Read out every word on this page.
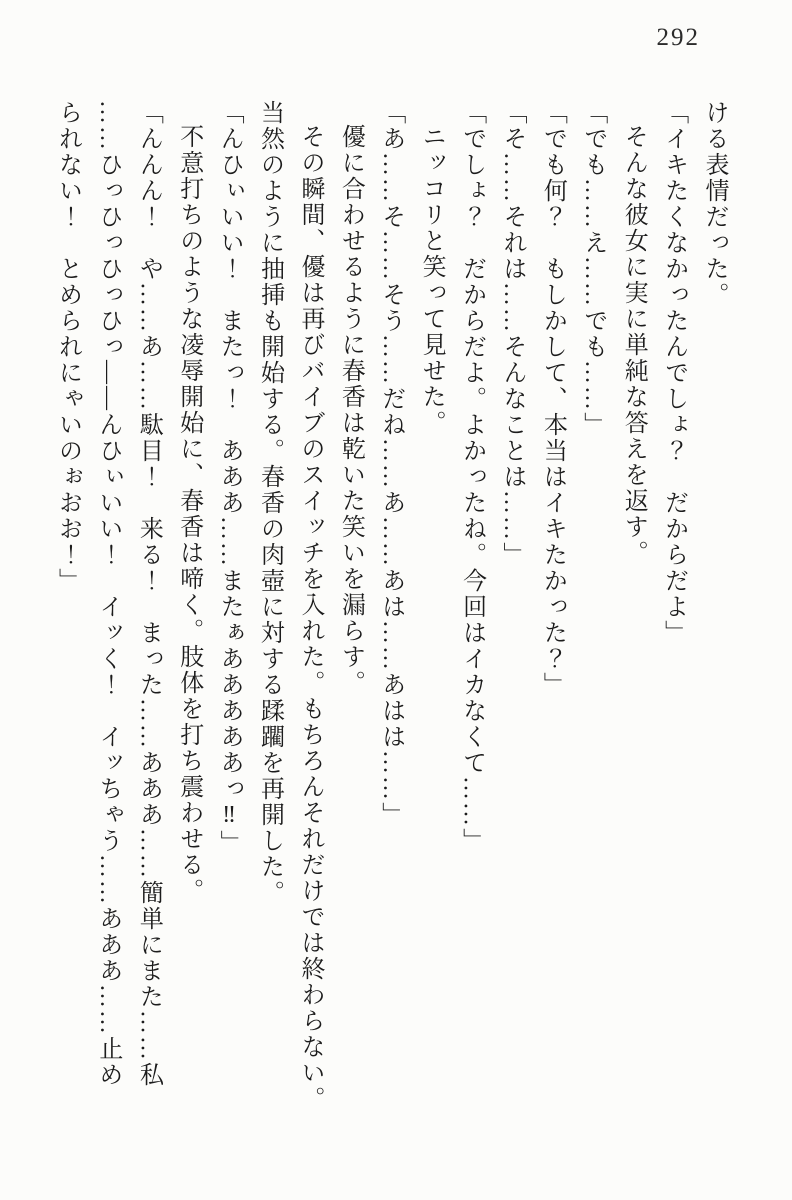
292

ける表情だった。

「イキたくなかったんでしょ？　だからだよ」

そんな彼女に実に単純な答えを返す。

「でも……え……でも……」

「でも何？　もしかして、本当はイキたかった？」

「そ……それは……そんなことは……」

「でしょ？　だからだよ。よかったね。今回はイカなくて……」

ニッコリと笑って見せた。

「あ……そ……そう……だね……あ……あは……あはは……」

優に合わせるように春香は乾いた笑いを漏らす。

その瞬間、優は再びバイブのスイッチを入れた。もちろんそれだけでは終わらない。当然のように抽挿も開始する。春香の肉壺に対する蹂躙を再開した。

「んひぃいい！　またっ！　あああ……またぁあああああっ‼」

不意打ちのような凌辱開始に、春香は啼く。肢体を打ち震わせる。

「んんん！　や……あ……駄目！　来る！　まった……あああ……簡単にまた……私……ひっひっひっひっ――んひぃいい！　イッく！　イッちゃう……あああ……止められない！　とめられにゃいのぉおお！」
